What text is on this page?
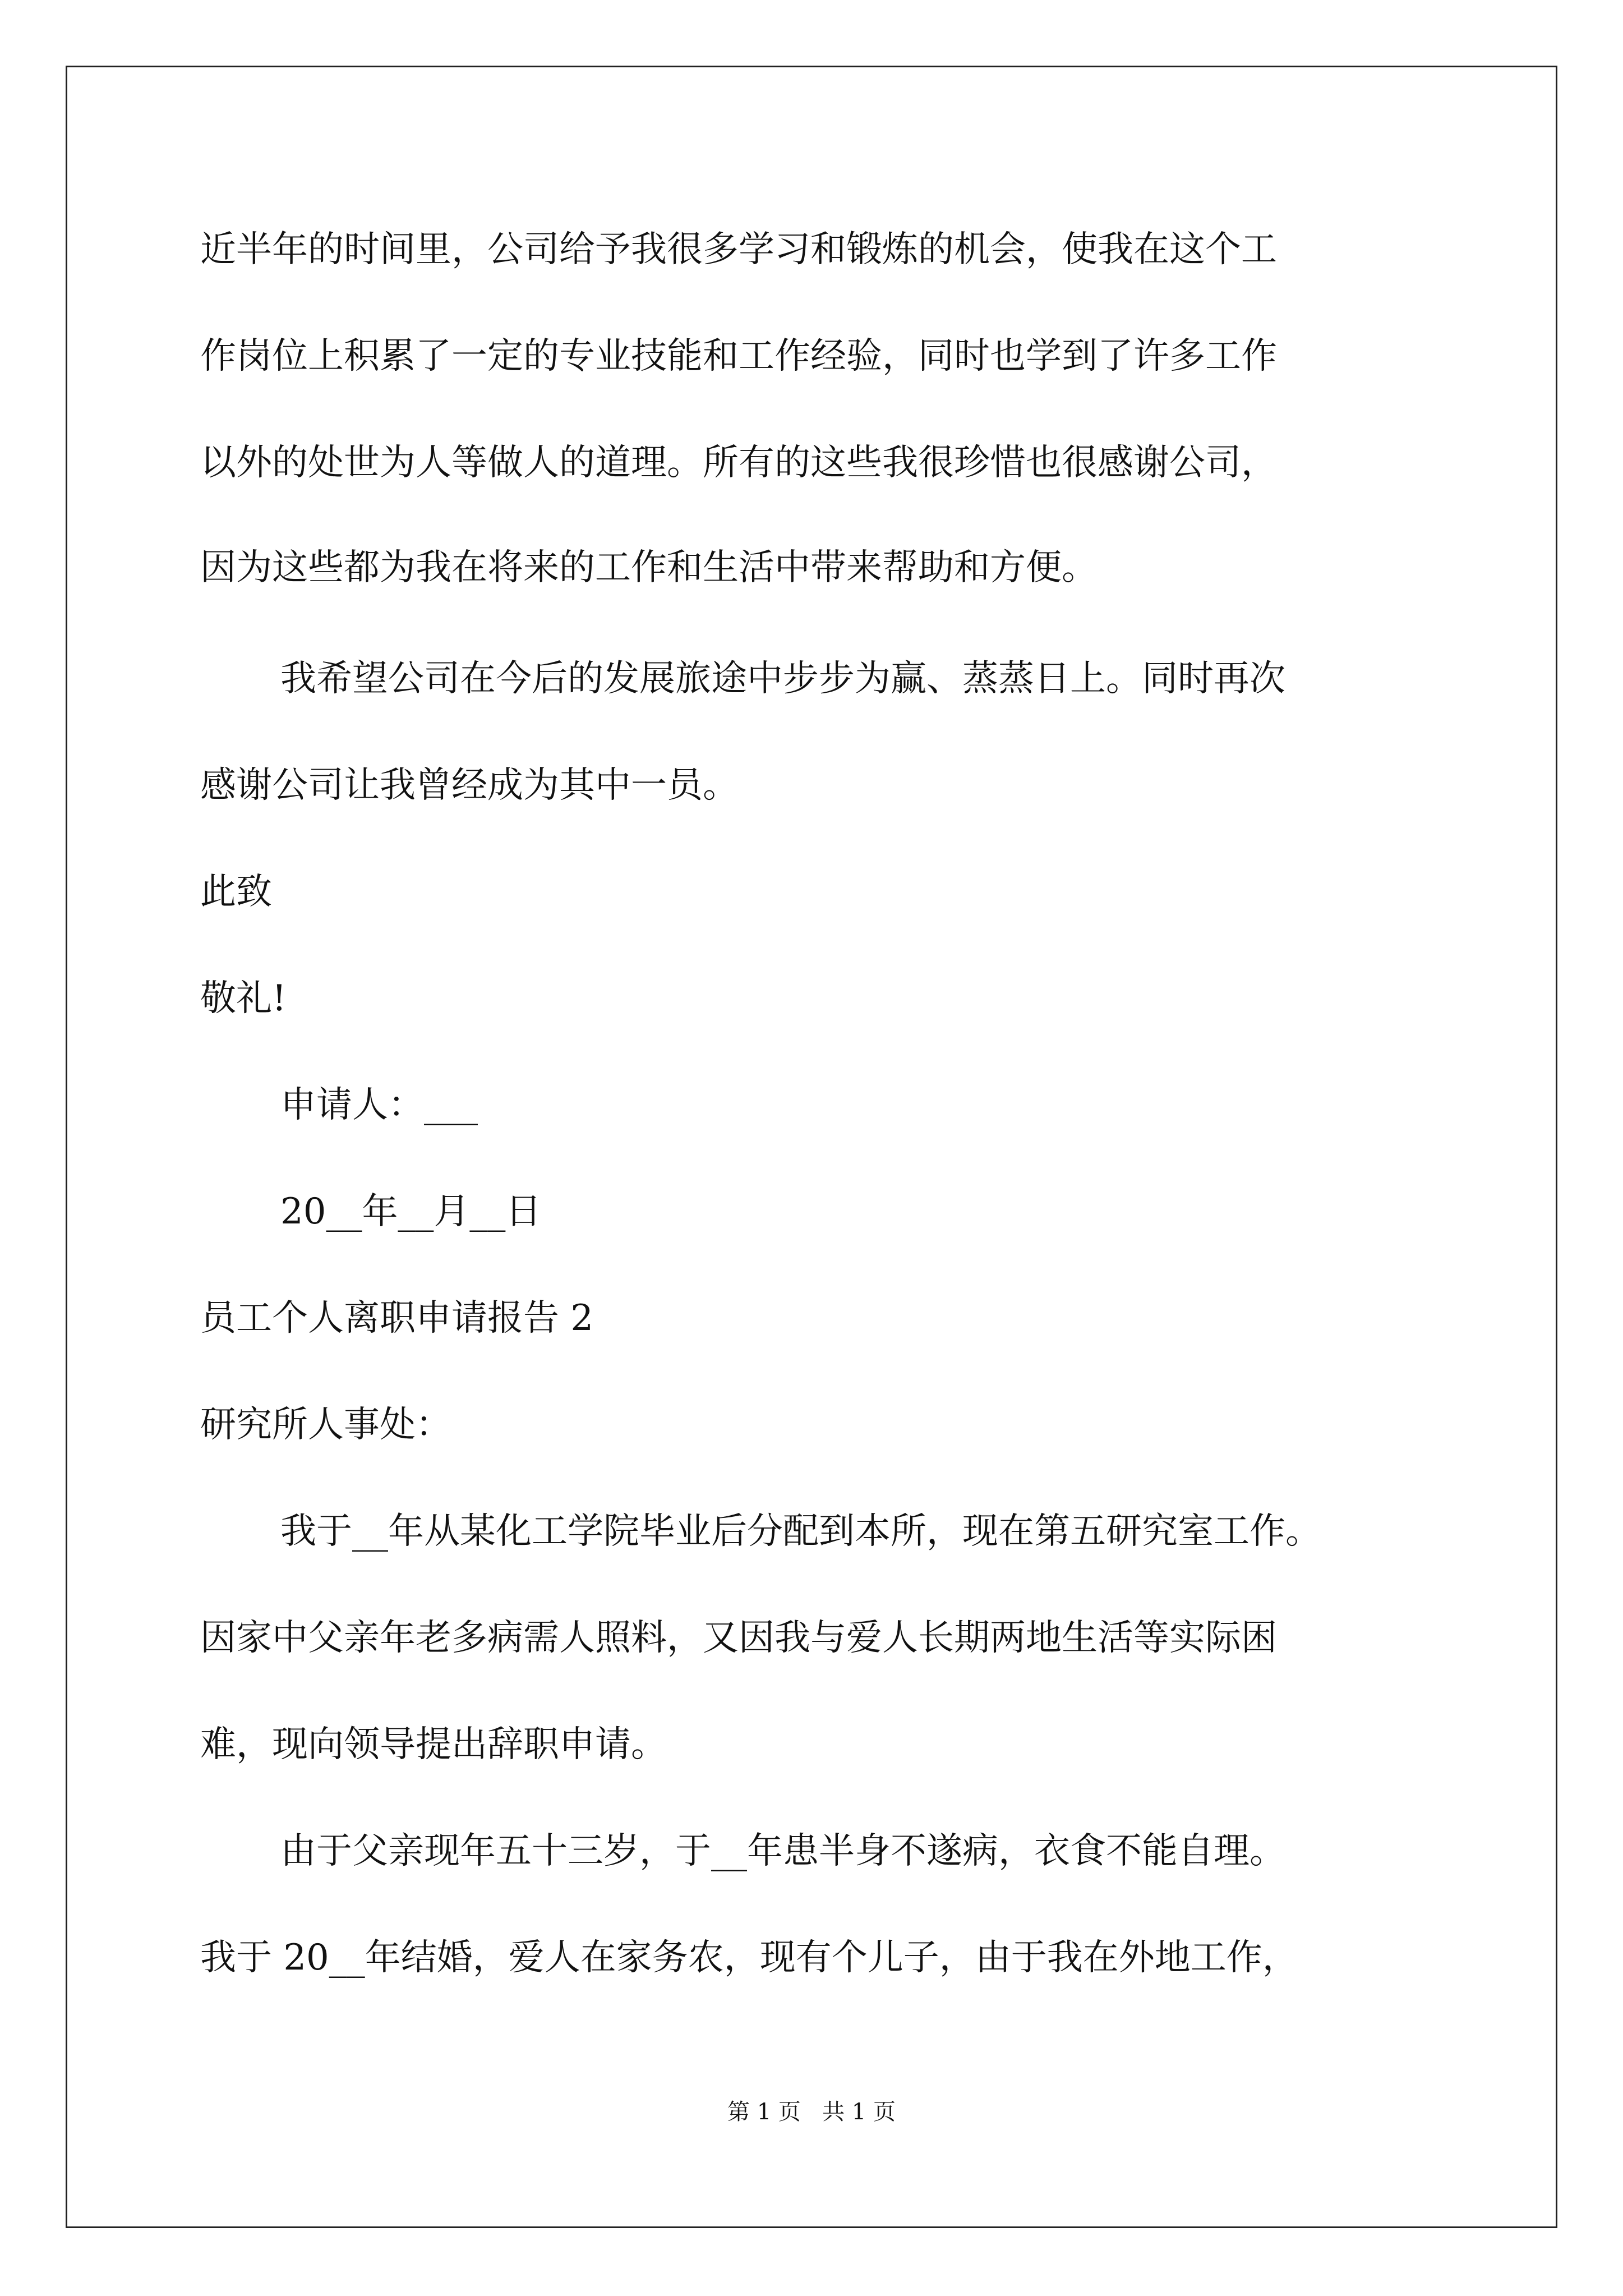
近半年的时间里，公司给予我很多学习和锻炼的机会，使我在这个工
作岗位上积累了一定的专业技能和工作经验，同时也学到了许多工作
以外的处世为人等做人的道理。所有的这些我很珍惜也很感谢公司，
因为这些都为我在将来的工作和生活中带来帮助和方便。
我希望公司在今后的发展旅途中步步为赢、蒸蒸日上。同时再次
感谢公司让我曾经成为其中一员。
此致
敬礼!
申请人：___
20__年__月__日
员工个人离职申请报告 2
研究所人事处：
我于__年从某化工学院毕业后分配到本所，现在第五研究室工作。
因家中父亲年老多病需人照料，又因我与爱人长期两地生活等实际困
难，现向领导提出辞职申请。
由于父亲现年五十三岁，于__年患半身不遂病，衣食不能自理。
我于 20__年结婚，爱人在家务农，现有个儿子，由于我在外地工作，
第 1 页   共 1 页
